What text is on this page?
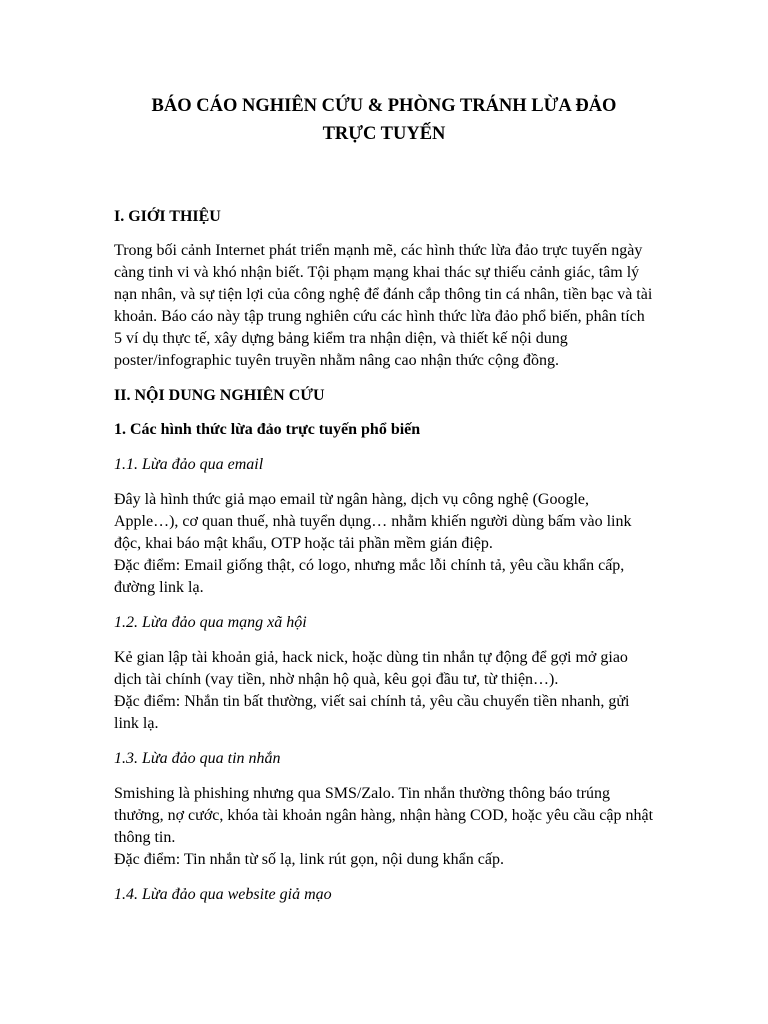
BÁO CÁO NGHIÊN CỨU & PHÒNG TRÁNH LỪA ĐẢO
TRỰC TUYẾN
I. GIỚI THIỆU

Trong bối cảnh Internet phát triển mạnh mẽ, các hình thức lừa đảo trực tuyến ngày càng tinh vi và khó nhận biết. Tội phạm mạng khai thác sự thiếu cảnh giác, tâm lý nạn nhân, và sự tiện lợi của công nghệ để đánh cắp thông tin cá nhân, tiền bạc và tài khoản. Báo cáo này tập trung nghiên cứu các hình thức lừa đảo phổ biến, phân tích 5 ví dụ thực tế, xây dựng bảng kiểm tra nhận diện, và thiết kế nội dung poster/infographic tuyên truyền nhằm nâng cao nhận thức cộng đồng.

II. NỘI DUNG NGHIÊN CỨU
1. Các hình thức lừa đảo trực tuyến phổ biến
1.1. Lừa đảo qua email

Đây là hình thức giả mạo email từ ngân hàng, dịch vụ công nghệ (Google, Apple…), cơ quan thuế, nhà tuyển dụng… nhằm khiến người dùng bấm vào link độc, khai báo mật khẩu, OTP hoặc tải phần mềm gián điệp.
Đặc điểm: Email giống thật, có logo, nhưng mắc lỗi chính tả, yêu cầu khẩn cấp, đường link lạ.

1.2. Lừa đảo qua mạng xã hội

Kẻ gian lập tài khoản giả, hack nick, hoặc dùng tin nhắn tự động để gợi mở giao dịch tài chính (vay tiền, nhờ nhận hộ quà, kêu gọi đầu tư, từ thiện…).
Đặc điểm: Nhắn tin bất thường, viết sai chính tả, yêu cầu chuyển tiền nhanh, gửi link lạ.

1.3. Lừa đảo qua tin nhắn

Smishing là phishing nhưng qua SMS/Zalo. Tin nhắn thường thông báo trúng thưởng, nợ cước, khóa tài khoản ngân hàng, nhận hàng COD, hoặc yêu cầu cập nhật thông tin.
Đặc điểm: Tin nhắn từ số lạ, link rút gọn, nội dung khẩn cấp.

1.4. Lừa đảo qua website giả mạo
